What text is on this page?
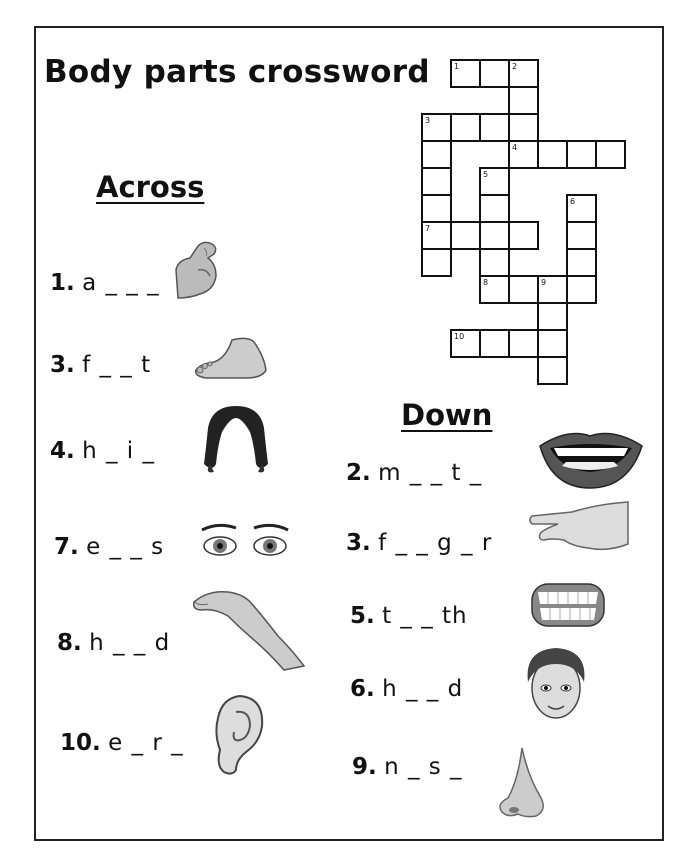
Body parts crossword	1	2
3
4
5
6
7
8	9
10
Across
1. a _ _ _
3. f _ _ t
4. h _ i _
7. e _ _ s
8. h _ _ d
10. e _ r _
Down
2. m _ _ t _
3. f _ _ g _ r
5. t _ _ th
6. h _ _ d
9. n _ s _
